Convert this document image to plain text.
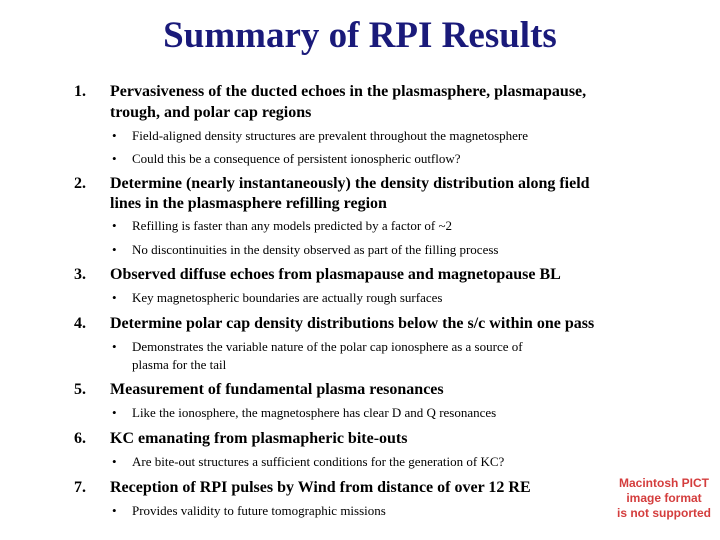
Summary of RPI Results
1. Pervasiveness of the ducted echoes in the plasmasphere, plasmapause,
trough, and polar cap regions
• Field-aligned density structures are prevalent throughout the magnetosphere
• Could this be a consequence of persistent ionospheric outflow?
2. Determine (nearly instantaneously) the density distribution along field
lines in the plasmasphere refilling region
• Refilling is faster than any models predicted by a factor of ~2
• No discontinuities in the density observed as part of the filling process
3. Observed diffuse echoes from plasmapause and magnetopause BL
• Key magnetospheric boundaries are actually rough surfaces
4. Determine polar cap density distributions below the s/c within one pass
• Demonstrates the variable nature of the polar cap ionosphere as a source of
plasma for the tail
5. Measurement of fundamental plasma resonances
• Like the ionosphere, the magnetosphere has clear D and Q resonances
6. KC emanating from plasmapheric bite-outs
• Are bite-out structures a sufficient conditions for the generation of KC?
7. Reception of RPI pulses by Wind from distance of over 12 RE
• Provides validity to future tomographic missions
Macintosh PICT
image format
is not supported
